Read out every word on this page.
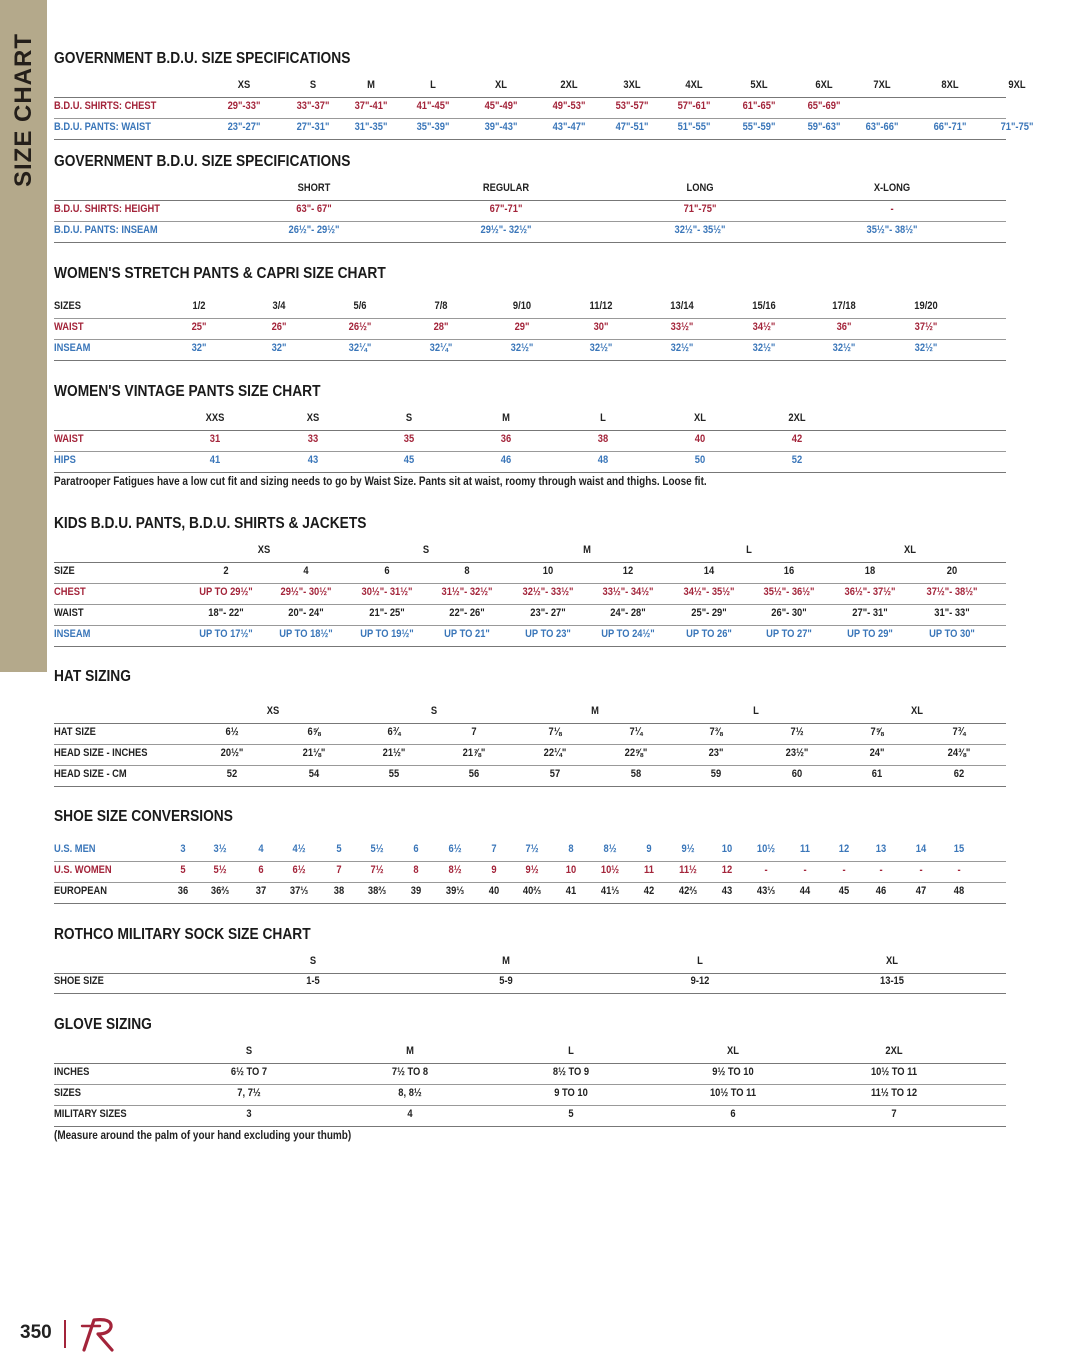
SIZE CHART GOVERNMENT B.D.U. SIZE SPECIFICATIONS
XS	S	M	L	XL	2XL	3XL	4XL	5XL	6XL	7XL	8XL	9XL
B.D.U. SHIRTS: CHEST	29"-33"	33"-37" 37"-41"	41"-45"	45"-49"	49"-53"	53"-57"	57"-61"	61"-65"	65"-69"
B.D.U. PANTS: WAIST	23"-27"	27"-31" 31"-35"	35"-39"	39"-43"	43"-47"	47"-51"	51"-55"	55"-59"	59"-63" 63"-66"	66"-71"	71"-75"
GOVERNMENT B.D.U. SIZE SPECIFICATIONS
SHORT	REGULAR	LONG	X-LONG
B.D.U. SHIRTS: HEIGHT	63"- 67"	67"-71"	71"-75"	-
B.D.U. PANTS: INSEAM	26½"- 29½"	29½"- 32½"	32½"- 35½"	35½"- 38½"
WOMEN'S STRETCH PANTS & CAPRI SIZE CHART
SIZES	1/2	3/4	5/6	7/8	9/10	11/12	13/14	15/16	17/18	19/20
WAIST	25"	26"	26½"	28"	29"	30"	33½"	34½"	36"	37½"
INSEAM	32"	32"	32¼"	32¼"	32½"	32½"	32½"	32½"	32½"	32½"
WOMEN'S VINTAGE PANTS SIZE CHART
XXS	XS	S	M	L	XL	2XL
WAIST	31	33	35	36	38	40	42
HIPS	41	43	45	46	48	50	52
Paratrooper Fatigues have a low cut fit and sizing needs to go by Waist Size. Pants sit at waist, roomy through waist and thighs. Loose fit.
KIDS B.D.U. PANTS, B.D.U. SHIRTS & JACKETS
XS	S	M	L	XL
SIZE	2	4	6	8	10	12	14	16	18	20
CHEST	UP TO 29½"	29½"- 30½"	30½"- 31½"	31½"- 32½"	32½"- 33½"	33½"- 34½"	34½"- 35½"	35½"- 36½"	36½"- 37½"	37½"- 38½"
WAIST	18"- 22"	20"- 24"	21"- 25"	22"- 26"	23"- 27"	24"- 28"	25"- 29"	26"- 30"	27"- 31"	31"- 33"
INSEAM	UP TO 17½" UP TO 18½"	UP TO 19½"	UP TO 21"	UP TO 23"	UP TO 24½"	UP TO 26"	UP TO 27"	UP TO 29"	UP TO 30"
HAT SIZING
XS	S	M	L	XL
HAT SIZE	6½	6⅝	6¾	7	7⅛	7¼	7⅜	7½	7⅝	7¾
HEAD SIZE - INCHES	20½"	21⅛"	21½"	21⅞"	22¼"	22⅝"	23"	23½"	24"	24⅜"
HEAD SIZE - CM	52	54	55	56	57	58	59	60	61	62
SHOE SIZE CONVERSIONS
U.S. MEN	3	3½	4	4½	5	5½	6	6½	7	7½	8	8½	9	9½ 10 10½ 11	12 13	14	15
U.S. WOMEN	5	5½	6	6½	7	7½	8	8½	9	9½ 10 10½ 11 11½ 12	-	-	-	-	-	-
EUROPEAN	36 36⅔ 37 37⅓ 38 38⅔ 39 39⅓ 40 40⅔ 41 41⅓ 42 42⅔ 43 43⅓ 44	45 46	47	48
ROTHCO MILITARY SOCK SIZE CHART
S	M	L	XL
SHOE SIZE	1-5	5-9	9-12	13-15
GLOVE SIZING
S	M	L	XL	2XL
INCHES	6½ TO 7	7½ TO 8	8½ TO 9	9½ TO 10	10½ TO 11
SIZES	7, 7½	8, 8½	9 TO 10	10½ TO 11	11½ TO 12
MILITARY SIZES	3	4	5	6	7
(Measure around the palm of your hand excluding your thumb)
350
